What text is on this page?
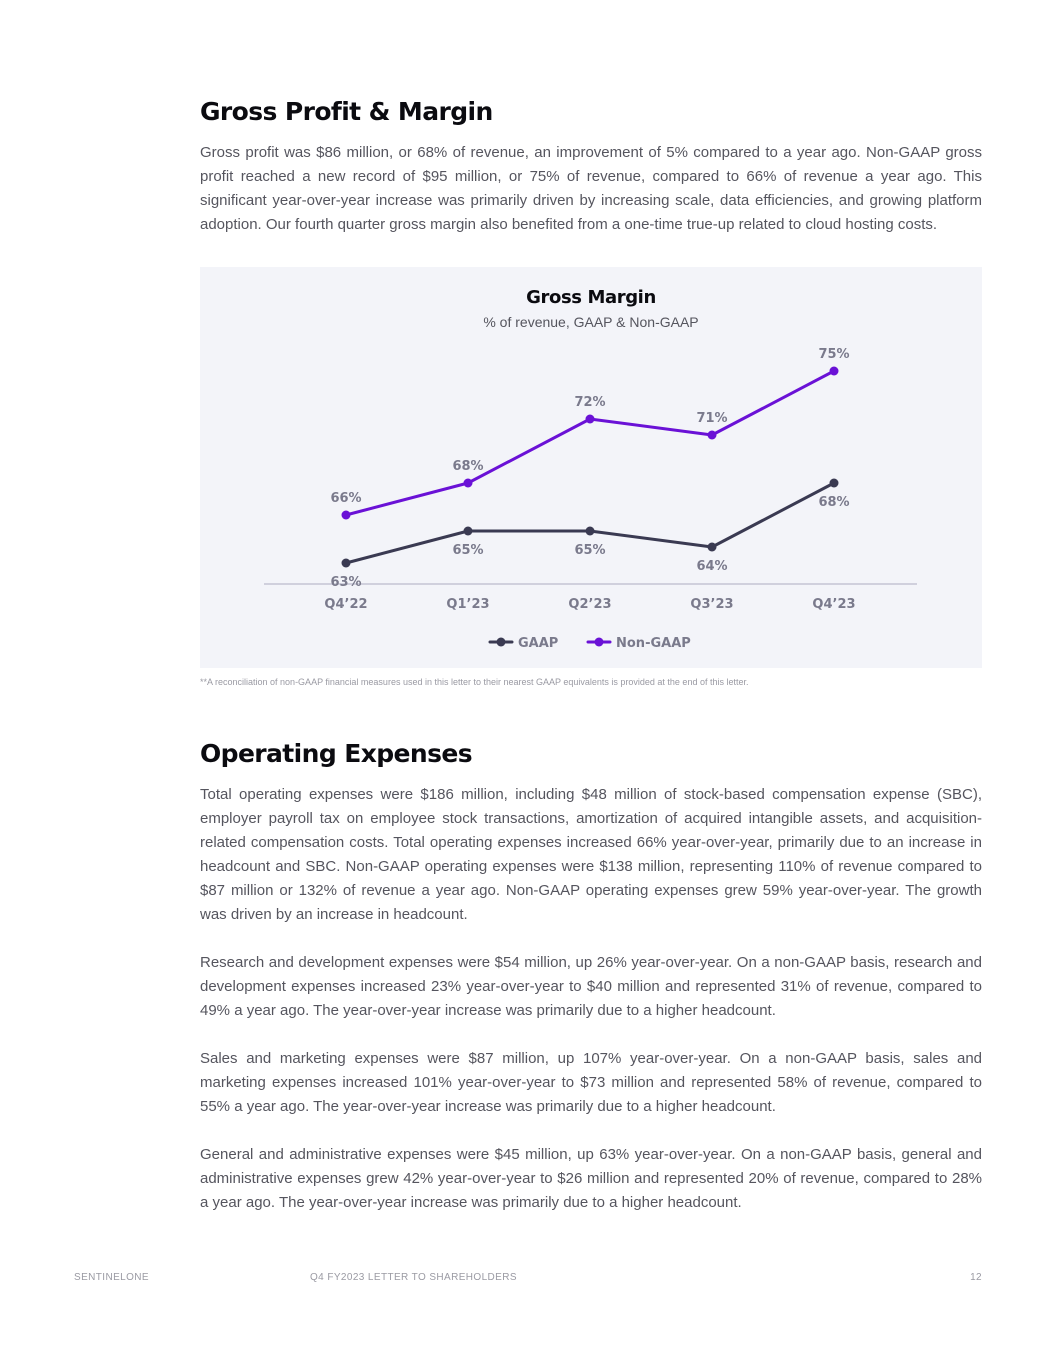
Gross Profit & Margin

Gross profit was $86 million, or 68% of revenue, an improvement of 5% compared to a year ago. Non-GAAP gross profit reached a new record of $95 million, or 75% of revenue, compared to 66% of revenue a year ago. This significant year-over-year increase was primarily driven by increasing scale, data efficiencies, and growing platform adoption. Our fourth quarter gross margin also benefited from a one-time true-up related to cloud hosting costs.

Gross Margin
% of revenue, GAAP & Non-GAAP
63%
65%	65%
64%
68%
66%
68%
72%
71%
75%
Q4’22	Q1’23	Q2’23	Q3’23	Q4’23
GAAP	Non-GAAP

**A reconciliation of non-GAAP financial measures used in this letter to their nearest GAAP equivalents is provided at the end of this letter.

Operating Expenses

Total operating expenses were $186 million, including $48 million of stock-based compensation expense (SBC), employer payroll tax on employee stock transactions, amortization of acquired intangible assets, and acquisition-related compensation costs. Total operating expenses increased 66% year-over-year, primarily due to an increase in headcount and SBC. Non-GAAP operating expenses were $138 million, representing 110% of revenue compared to $87 million or 132% of revenue a year ago. Non-GAAP operating expenses grew 59% year-over-year. The growth was driven by an increase in headcount.

Research and development expenses were $54 million, up 26% year-over-year. On a non-GAAP basis, research and development expenses increased 23% year-over-year to $40 million and represented 31% of revenue, compared to 49% a year ago. The year-over-year increase was primarily due to a higher headcount.

Sales and marketing expenses were $87 million, up 107% year-over-year. On a non-GAAP basis, sales and marketing expenses increased 101% year-over-year to $73 million and represented 58% of revenue, compared to 55% a year ago. The year-over-year increase was primarily due to a higher headcount.

General and administrative expenses were $45 million, up 63% year-over-year. On a non-GAAP basis, general and administrative expenses grew 42% year-over-year to $26 million and represented 20% of revenue, compared to 28% a year ago. The year-over-year increase was primarily due to a higher headcount.

SENTINELONE	Q4 FY2023 LETTER TO SHAREHOLDERS	12
